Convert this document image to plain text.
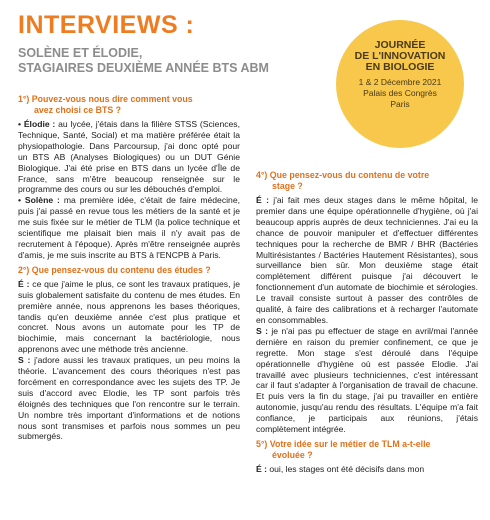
INTERVIEWS :
SOLÈNE ET ÉLODIE,
STAGIAIRES DEUXIÈME ANNÉE BTS ABM
JOURNÉE
DE L'INNOVATION
EN BIOLOGIE
1 & 2 Décembre 2021
Palais des Congrès
Paris
1°) Pouvez-vous nous dire comment vous
avez choisi ce BTS ?

• Élodie : au lycée, j'étais dans la filière STSS (Sciences, Technique, Santé, Social) et ma matière préférée était la physiopathologie. Dans Parcoursup, j'ai donc opté pour un BTS AB (Analyses Biologiques) ou un DUT Génie Biologique. J'ai été prise en BTS dans un lycée d'Île de France, sans m'être beaucoup renseignée sur le programme des cours ou sur les débouchés d'emploi.

• Solène : ma première idée, c'était de faire médecine, puis j'ai passé en revue tous les métiers de la santé et je me suis fixée sur le métier de TLM (la police technique et scientifique me plaisait bien mais il n'y avait pas de recrutement à l'époque). Après m'être renseignée auprès d'amis, je me suis inscrite au BTS à l'ENCPB à Paris.

2°) Que pensez-vous du contenu des études ?

É : ce que j'aime le plus, ce sont les travaux pratiques, je suis globalement satisfaite du contenu de mes études. En première année, nous apprenons les bases théoriques, tandis qu'en deuxième année c'est plus pratique et concret. Nous avons un automate pour les TP de biochimie, mais concernant la bactériologie, nous apprenons avec une méthode très ancienne.

S : j'adore aussi les travaux pratiques, un peu moins la théorie. L'avancement des cours théoriques n'est pas forcément en correspondance avec les sujets des TP. Je suis d'accord avec Elodie, les TP sont parfois très éloignés des techniques que l'on rencontre sur le terrain. Un nombre très important d'informations et de notions nous sont transmises et parfois nous sommes un peu submergés.

4°) Que pensez-vous du contenu de votre
stage ?

É : j'ai fait mes deux stages dans le même hôpital, le premier dans une équipe opérationnelle d'hygiène, où j'ai beaucoup appris auprès de deux techniciennes. J'ai eu la chance de pouvoir manipuler et d'effectuer différentes techniques pour la recherche de BMR / BHR (Bactéries Multirésistantes / Bactéries Hautement Résistantes), sous surveillance bien sûr. Mon deuxième stage était complètement différent puisque j'ai découvert le fonctionnement d'un automate de biochimie et sérologies. Le travail consiste surtout à passer des contrôles de qualité, à faire des calibrations et à recharger l'automate en consommables.

S : je n'ai pas pu effectuer de stage en avril/mai l'année dernière en raison du premier confinement, ce que je regrette. Mon stage s'est déroulé dans l'équipe opérationnelle d'hygiène où est passée Elodie. J'ai travaillé avec plusieurs techniciennes, c'est intéressant car il faut s'adapter à l'organisation de travail de chacune. Et puis vers la fin du stage, j'ai pu travailler en entière autonomie, jusqu'au rendu des résultats. L'équipe m'a fait confiance, je participais aux réunions, j'étais complètement intégrée.

5°) Votre idée sur le métier de TLM a-t-elle
évoluée ?

É : oui, les stages ont été décisifs dans mon
